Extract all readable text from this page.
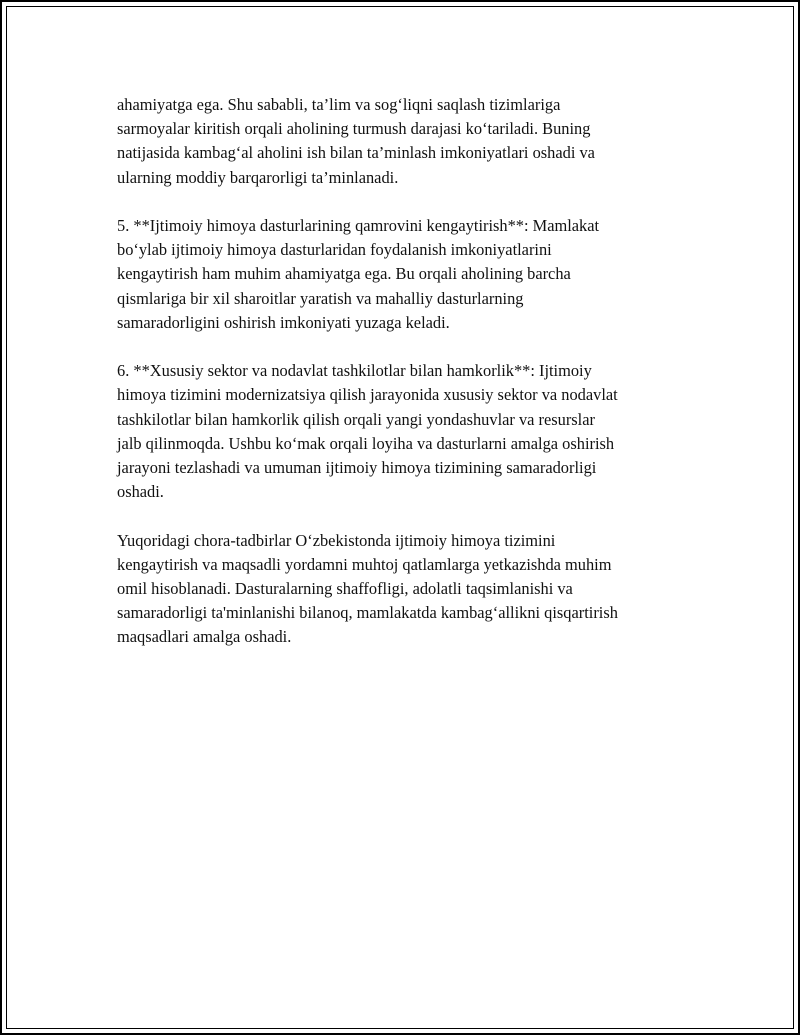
ahamiyatga ega. Shu sababli, ta’lim va sog‘liqni saqlash tizimlariga
sarmoyalar kiritish orqali aholining turmush darajasi ko‘tariladi. Buning
natijasida kambag‘al aholini ish bilan ta’minlash imkoniyatlari oshadi va
ularning moddiy barqarorligi ta’minlanadi.

5. **Ijtimoiy himoya dasturlarining qamrovini kengaytirish**: Mamlakat
bo‘ylab ijtimoiy himoya dasturlaridan foydalanish imkoniyatlarini
kengaytirish ham muhim ahamiyatga ega. Bu orqali aholining barcha
qismlariga bir xil sharoitlar yaratish va mahalliy dasturlarning
samaradorligini oshirish imkoniyati yuzaga keladi.

6. **Xususiy sektor va nodavlat tashkilotlar bilan hamkorlik**: Ijtimoiy
himoya tizimini modernizatsiya qilish jarayonida xususiy sektor va nodavlat
tashkilotlar bilan hamkorlik qilish orqali yangi yondashuvlar va resurslar
jalb qilinmoqda. Ushbu ko‘mak orqali loyiha va dasturlarni amalga oshirish
jarayoni tezlashadi va umuman ijtimoiy himoya tizimining samaradorligi
oshadi.

Yuqoridagi chora-tadbirlar O‘zbekistonda ijtimoiy himoya tizimini
kengaytirish va maqsadli yordamni muhtoj qatlamlarga yetkazishda muhim
omil hisoblanadi. Dasturalarning shaffofligi, adolatli taqsimlanishi va
samaradorligi ta'minlanishi bilanoq, mamlakatda kambag‘allikni qisqartirish
maqsadlari amalga oshadi.
